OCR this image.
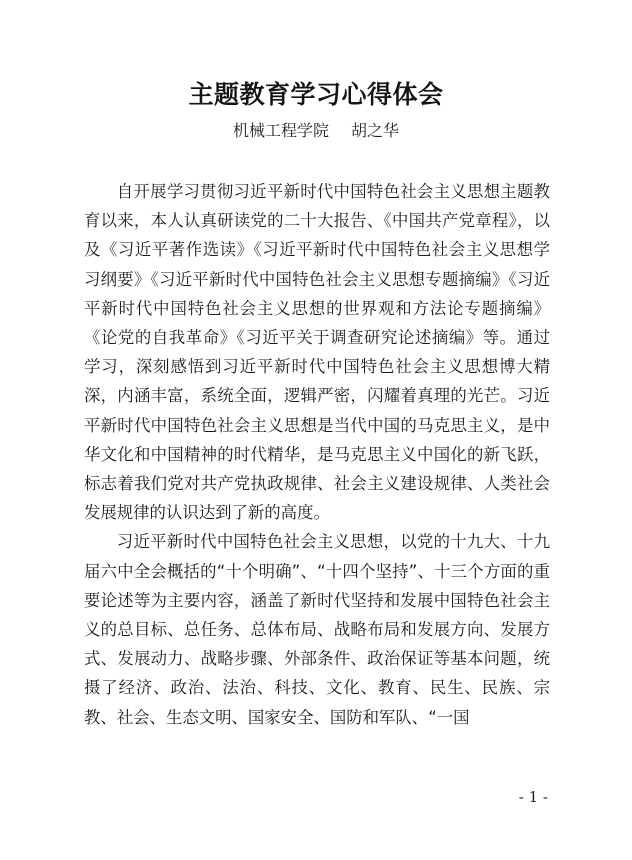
主题教育学习心得体会
机械工程学院 胡之华

自开展学习贯彻习近平新时代中国特色社会主义思想主题教育以来，本人认真研读党的二十大报告、《中国共产党章程》，以及《习近平著作选读》《习近平新时代中国特色社会主义思想学习纲要》《习近平新时代中国特色社会主义思想专题摘编》《习近平新时代中国特色社会主义思想的世界观和方法论专题摘编》《论党的自我革命》《习近平关于调查研究论述摘编》等。通过学习，深刻感悟到习近平新时代中国特色社会主义思想博大精深，内涵丰富，系统全面，逻辑严密，闪耀着真理的光芒。习近平新时代中国特色社会主义思想是当代中国的马克思主义，是中华文化和中国精神的时代精华，是马克思主义中国化的新飞跃，标志着我们党对共产党执政规律、社会主义建设规律、人类社会发展规律的认识达到了新的高度。

习近平新时代中国特色社会主义思想，以党的十九大、十九届六中全会概括的“十个明确”、“十四个坚持”、十三个方面的重要论述等为主要内容，涵盖了新时代坚持和发展中国特色社会主义的总目标、总任务、总体布局、战略布局和发展方向、发展方式、发展动力、战略步骤、外部条件、政治保证等基本问题，统摄了经济、政治、法治、科技、文化、教育、民生、民族、宗教、社会、生态文明、国家安全、国防和军队、“一国

- 1 -
